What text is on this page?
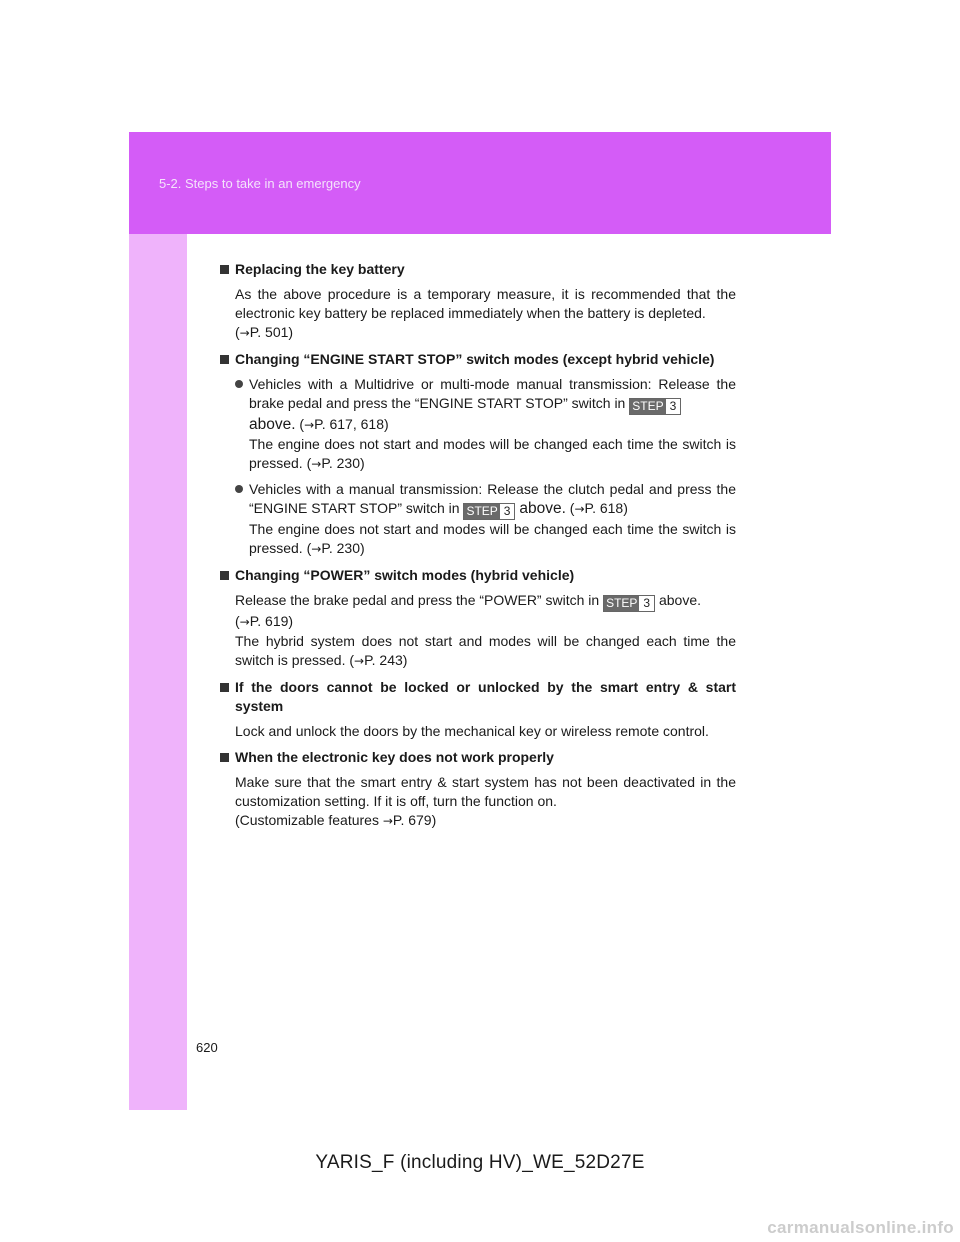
5-2. Steps to take in an emergency
Replacing the key battery
As the above procedure is a temporary measure, it is recommended that the electronic key battery be replaced immediately when the battery is depleted.
(→P. 501)
Changing “ENGINE START STOP” switch modes (except hybrid vehicle)
Vehicles with a Multidrive or multi-mode manual transmission: Release the brake pedal and press the “ENGINE START STOP” switch in STEP 3

above. (→P. 617, 618)
The engine does not start and modes will be changed each time the switch is pressed. (→P. 230)
Vehicles with a manual transmission: Release the clutch pedal and press the “ENGINE START STOP” switch in STEP 3 above. (→P. 618)
The engine does not start and modes will be changed each time the switch is pressed. (→P. 230)
Changing “POWER” switch modes (hybrid vehicle)
Release the brake pedal and press the “POWER” switch in STEP 3 above.
(→P. 619)
The hybrid system does not start and modes will be changed each time the switch is pressed. (→P. 243)
If the doors cannot be locked or unlocked by the smart entry & start system
Lock and unlock the doors by the mechanical key or wireless remote control.
When the electronic key does not work properly
Make sure that the smart entry & start system has not been deactivated in the customization setting. If it is off, turn the function on.
(Customizable features →P. 679)
620
YARIS_F (including HV)_WE_52D27E
carmanualsonline.info
